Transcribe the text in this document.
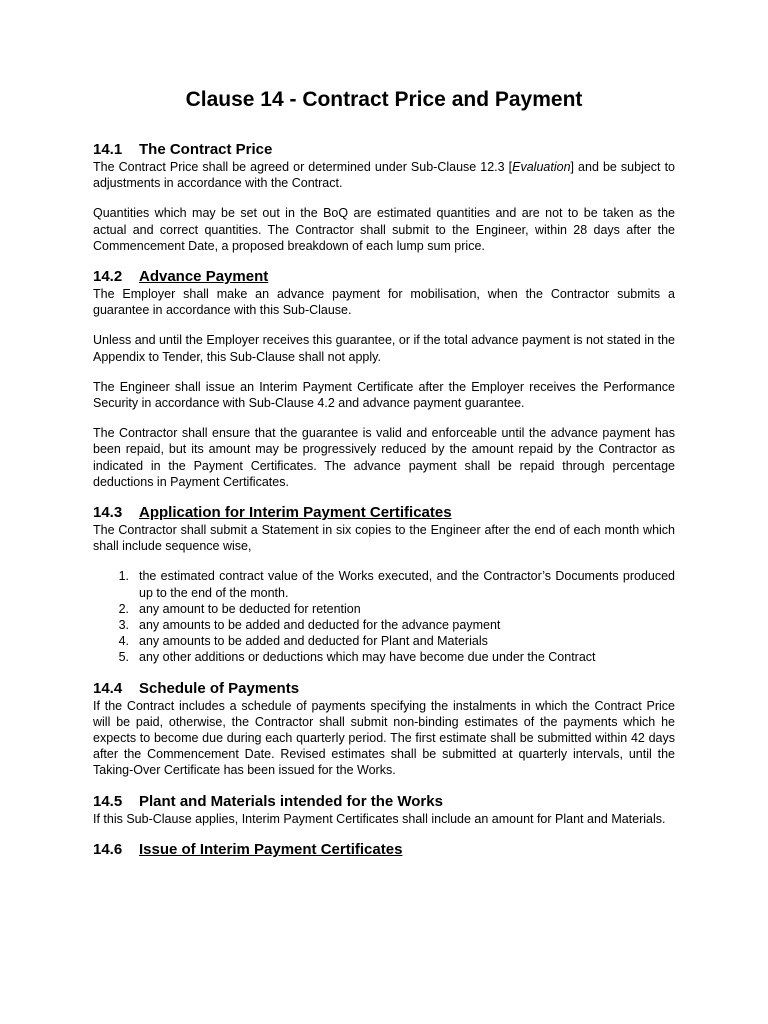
Clause 14 - Contract Price and Payment
14.1	The Contract Price

The Contract Price shall be agreed or determined under Sub-Clause 12.3 [Evaluation] and be subject to adjustments in accordance with the Contract.

Quantities which may be set out in the BoQ are estimated quantities and are not to be taken as the actual and correct quantities. The Contractor shall submit to the Engineer, within 28 days after the Commencement Date, a proposed breakdown of each lump sum price.

14.2	Advance Payment

The Employer shall make an advance payment for mobilisation, when the Contractor submits a guarantee in accordance with this Sub-Clause.

Unless and until the Employer receives this guarantee, or if the total advance payment is not stated in the Appendix to Tender, this Sub-Clause shall not apply.

The Engineer shall issue an Interim Payment Certificate after the Employer receives the Performance Security in accordance with Sub-Clause 4.2 and advance payment guarantee.

The Contractor shall ensure that the guarantee is valid and enforceable until the advance payment has been repaid, but its amount may be progressively reduced by the amount repaid by the Contractor as indicated in the Payment Certificates. The advance payment shall be repaid through percentage deductions in Payment Certificates.

14.3	Application for Interim Payment Certificates

The Contractor shall submit a Statement in six copies to the Engineer after the end of each month which shall include sequence wise,

1. the estimated contract value of the Works executed, and the Contractor’s Documents produced up to the end of the month.
2. any amount to be deducted for retention
3. any amounts to be added and deducted for the advance payment
4. any amounts to be added and deducted for Plant and Materials
5. any other additions or deductions which may have become due under the Contract
14.4	Schedule of Payments

If the Contract includes a schedule of payments specifying the instalments in which the Contract Price will be paid, otherwise, the Contractor shall submit non-binding estimates of the payments which he expects to become due during each quarterly period. The first estimate shall be submitted within 42 days after the Commencement Date. Revised estimates shall be submitted at quarterly intervals, until the Taking-Over Certificate has been issued for the Works.

14.5	Plant and Materials intended for the Works

If this Sub-Clause applies, Interim Payment Certificates shall include an amount for Plant and Materials.

14.6	Issue of Interim Payment Certificates
